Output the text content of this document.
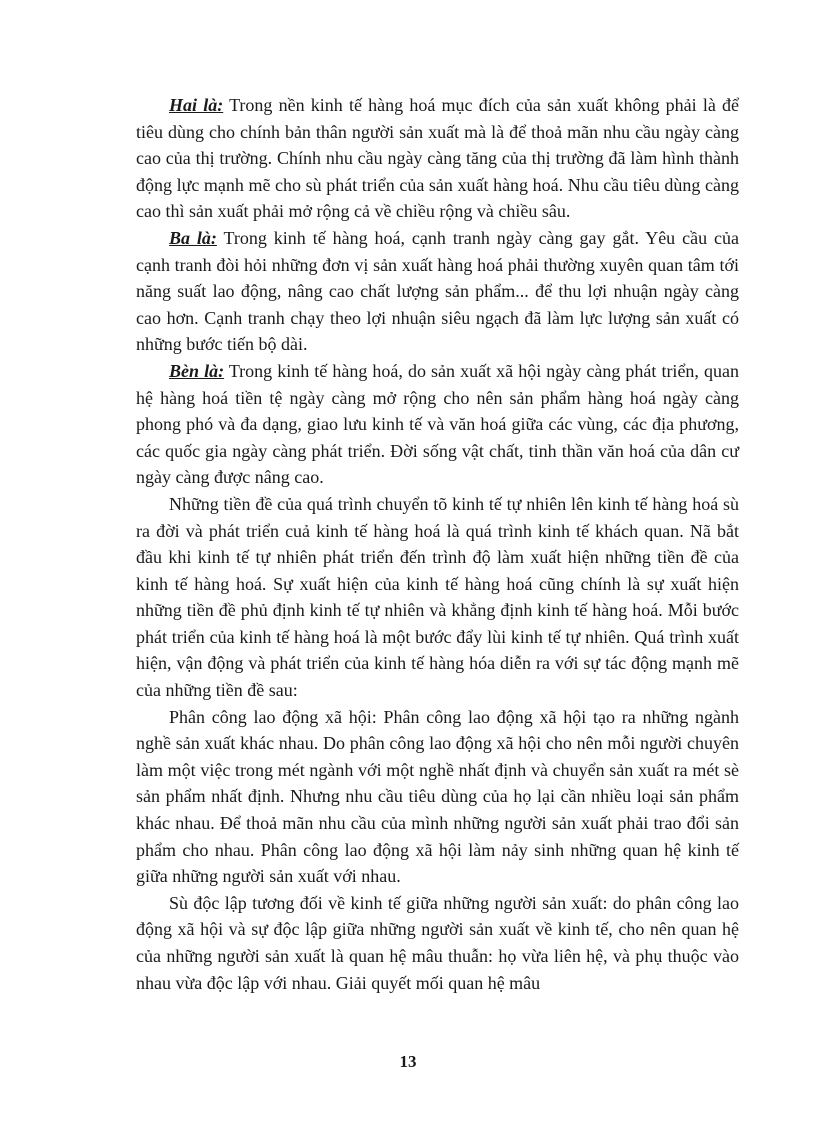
Hai là: Trong nền kinh tế hàng hoá mục đích của sản xuất không phải là để tiêu dùng cho chính bản thân người sản xuất mà là để thoả mãn nhu cầu ngày càng cao của thị trường. Chính nhu cầu ngày càng tăng của thị trường đã làm hình thành động lực mạnh mẽ cho sù phát triển của sản xuất hàng hoá. Nhu cầu tiêu dùng càng cao thì sản xuất phải mở rộng cả về chiều rộng và chiều sâu.

Ba là: Trong kinh tế hàng hoá, cạnh tranh ngày càng gay gắt. Yêu cầu của cạnh tranh đòi hỏi những đơn vị sản xuất hàng hoá phải thường xuyên quan tâm tới năng suất lao động, nâng cao chất lượng sản phẩm... để thu lợi nhuận ngày càng cao hơn. Cạnh tranh chạy theo lợi nhuận siêu ngạch đã làm lực lượng sản xuất có những bước tiến bộ dài.

Bèn là: Trong kinh tế hàng hoá, do sản xuất xã hội ngày càng phát triển, quan hệ hàng hoá tiền tệ ngày càng mở rộng cho nên sản phẩm hàng hoá ngày càng phong phó và đa dạng, giao lưu kinh tế và văn hoá giữa các vùng, các địa phương, các quốc gia ngày càng phát triển. Đời sống vật chất, tinh thần văn hoá của dân cư ngày càng được nâng cao.

Những tiền đề của quá trình chuyển tõ kinh tế tự nhiên lên kinh tế hàng hoá sù ra đời và phát triển cuả kinh tế hàng hoá là quá trình kinh tế khách quan. Nã bắt đầu khi kinh tế tự nhiên phát triển đến trình độ làm xuất hiện những tiền đề của kinh tế hàng hoá. Sự xuất hiện của kinh tế hàng hoá cũng chính là sự xuất hiện những tiền đề phủ định kinh tế tự nhiên và khẳng định kinh tế hàng hoá. Mỗi bước phát triển của kinh tế hàng hoá là một bước đẩy lùi kinh tế tự nhiên. Quá trình xuất hiện, vận động và phát triển của kinh tế hàng hóa diễn ra với sự tác động mạnh mẽ của những tiền đề sau:

Phân công lao động xã hội: Phân công lao động xã hội tạo ra những ngành nghề sản xuất khác nhau. Do phân công lao động xã hội cho nên mỗi người chuyên làm một việc trong mét ngành với một nghề nhất định và chuyển sản xuất ra mét sè sản phẩm nhất định. Nhưng nhu cầu tiêu dùng của họ lại cần nhiều loại sản phẩm khác nhau. Để thoả mãn nhu cầu của mình những người sản xuất phải trao đổi sản phẩm cho nhau. Phân công lao động xã hội làm nảy sinh những quan hệ kinh tế giữa những người sản xuất với nhau.

Sù độc lập tương đối về kinh tế giữa những người sản xuất: do phân công lao động xã hội và sự độc lập giữa những người sản xuất về kinh tế, cho nên quan hệ của những người sản xuất là quan hệ mâu thuẫn: họ vừa liên hệ, và phụ thuộc vào nhau vừa độc lập với nhau. Giải quyết mối quan hệ mâu

13
